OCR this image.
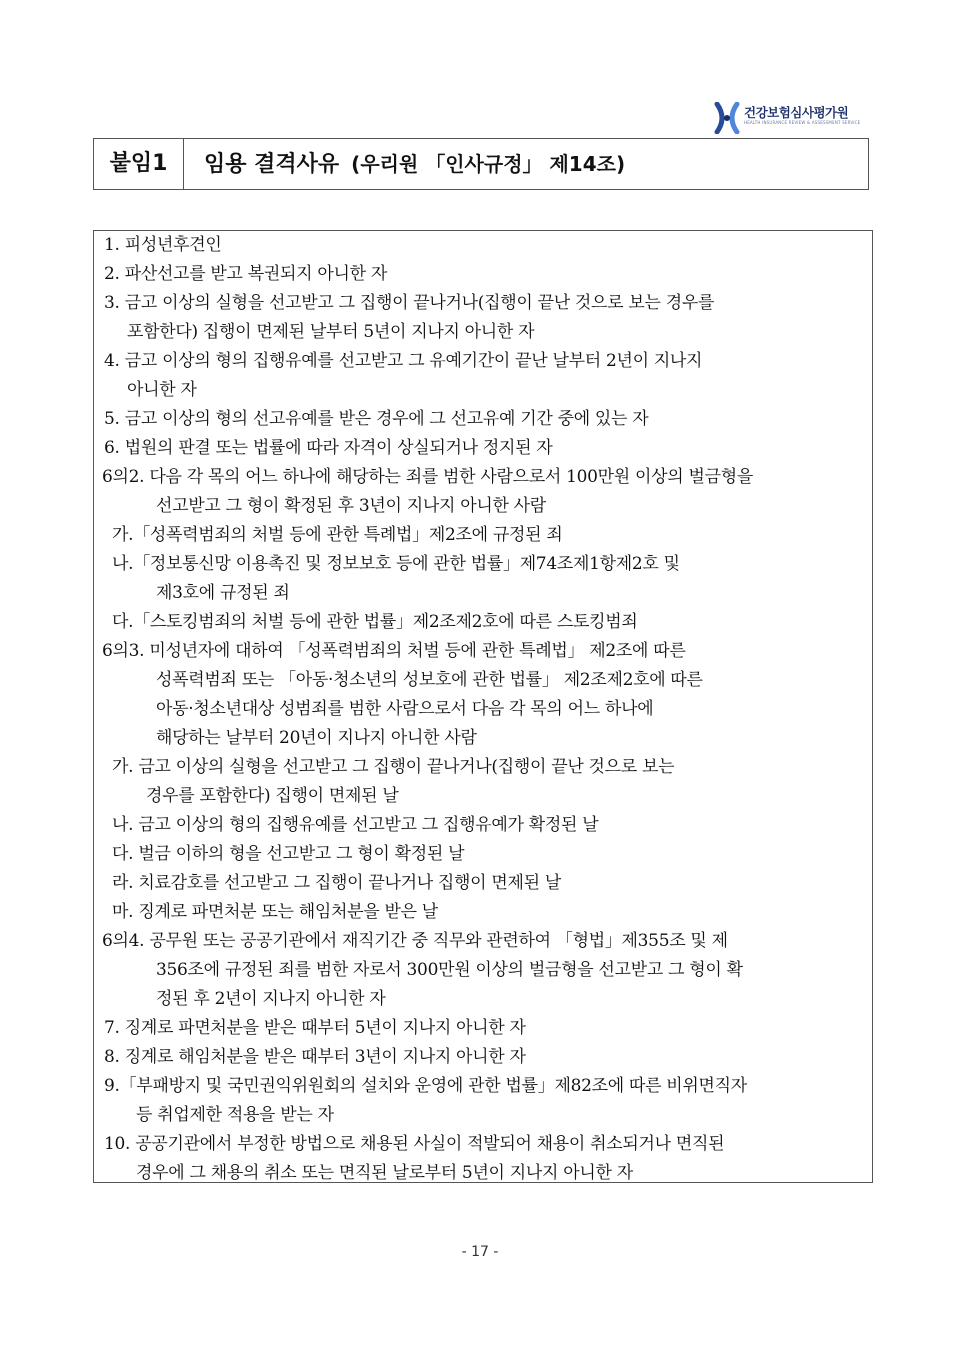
건강보험심사평가원
HEALTH INSURANCE REVIEW & ASSESSMENT SERVICE
붙임1	임용 결격사유 (우리원 「인사규정」 제14조)
1. 피성년후견인
2. 파산선고를 받고 복권되지 아니한 자
3. 금고 이상의 실형을 선고받고 그 집행이 끝나거나(집행이 끝난 것으로 보는 경우를
포함한다) 집행이 면제된 날부터 5년이 지나지 아니한 자
4. 금고 이상의 형의 집행유예를 선고받고 그 유예기간이 끝난 날부터 2년이 지나지
아니한 자
5. 금고 이상의 형의 선고유예를 받은 경우에 그 선고유예 기간 중에 있는 자
6. 법원의 판결 또는 법률에 따라 자격이 상실되거나 정지된 자
6의2. 다음 각 목의 어느 하나에 해당하는 죄를 범한 사람으로서 100만원 이상의 벌금형을
선고받고 그 형이 확정된 후 3년이 지나지 아니한 사람
가.「성폭력범죄의 처벌 등에 관한 특례법」제2조에 규정된 죄
나.「정보통신망 이용촉진 및 정보보호 등에 관한 법률」제74조제1항제2호 및
제3호에 규정된 죄
다.「스토킹범죄의 처벌 등에 관한 법률」제2조제2호에 따른 스토킹범죄
6의3. 미성년자에 대하여 「성폭력범죄의 처벌 등에 관한 특례법」 제2조에 따른
성폭력범죄 또는 「아동·청소년의 성보호에 관한 법률」 제2조제2호에 따른
아동·청소년대상 성범죄를 범한 사람으로서 다음 각 목의 어느 하나에
해당하는 날부터 20년이 지나지 아니한 사람
가. 금고 이상의 실형을 선고받고 그 집행이 끝나거나(집행이 끝난 것으로 보는
경우를 포함한다) 집행이 면제된 날
나. 금고 이상의 형의 집행유예를 선고받고 그 집행유예가 확정된 날
다. 벌금 이하의 형을 선고받고 그 형이 확정된 날
라. 치료감호를 선고받고 그 집행이 끝나거나 집행이 면제된 날
마. 징계로 파면처분 또는 해임처분을 받은 날
6의4. 공무원 또는 공공기관에서 재직기간 중 직무와 관련하여 「형법」제355조 및 제
356조에 규정된 죄를 범한 자로서 300만원 이상의 벌금형을 선고받고 그 형이 확
정된 후 2년이 지나지 아니한 자
7. 징계로 파면처분을 받은 때부터 5년이 지나지 아니한 자
8. 징계로 해임처분을 받은 때부터 3년이 지나지 아니한 자
9.「부패방지 및 국민권익위원회의 설치와 운영에 관한 법률」제82조에 따른 비위면직자
등 취업제한 적용을 받는 자
10. 공공기관에서 부정한 방법으로 채용된 사실이 적발되어 채용이 취소되거나 면직된
경우에 그 채용의 취소 또는 면직된 날로부터 5년이 지나지 아니한 자
- 17 -
